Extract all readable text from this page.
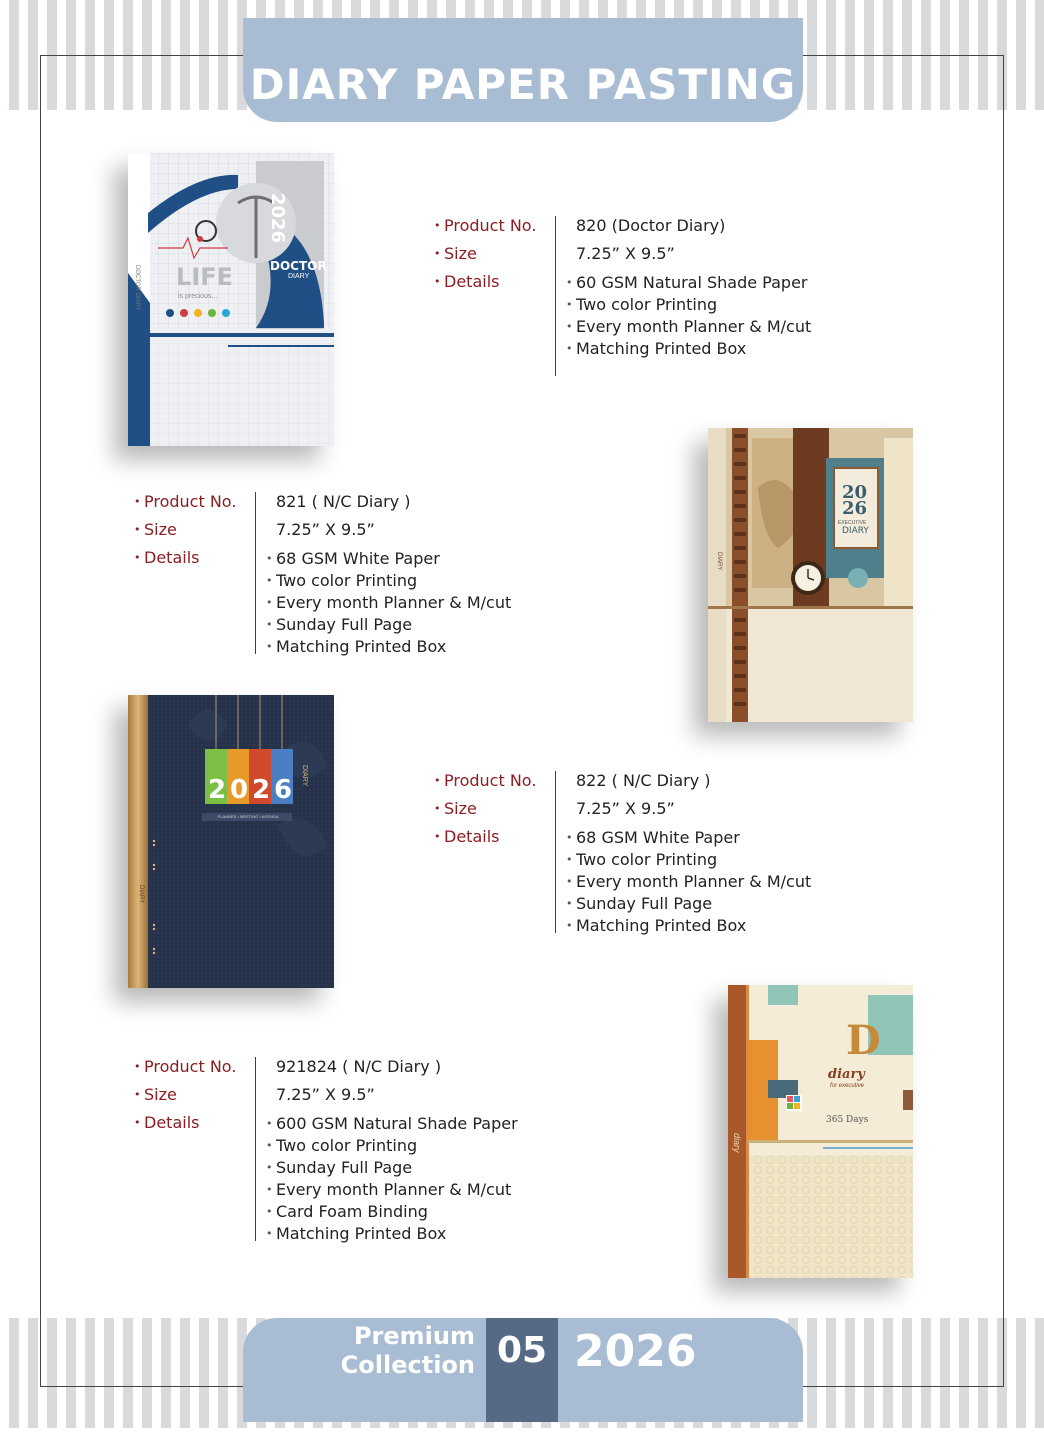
DIARY PAPER PASTING
2026
DOCTOR
DIARY
LIFE
is precious...
DOCTOR DIARY
• Product No.
• Size
• Details
820 (Doctor Diary)
7.25” X 9.5”
• 60 GSM Natural Shade Paper
• Two color Printing
• Every month Planner & M/cut
• Matching Printed Box
20
26
EXECUTIVE
DIARY
DIARY
• Product No.
• Size
• Details
821 ( N/C Diary )
7.25” X 9.5”
• 68 GSM White Paper
• Two color Printing
• Every month Planner & M/cut
• Sunday Full Page
• Matching Printed Box
2 0 2 6 DIARY
PLANNER • MEETING • AGENDA
DIARY
• Product No.
• Size
• Details
822 ( N/C Diary )
7.25” X 9.5”
• 68 GSM White Paper
• Two color Printing
• Every month Planner & M/cut
• Sunday Full Page
• Matching Printed Box
D
diary
for executive
365 Days
diary
• Product No.
• Size
• Details
921824 ( N/C Diary )
7.25” X 9.5”
• 600 GSM Natural Shade Paper
• Two color Printing
• Sunday Full Page
• Every month Planner & M/cut
• Card Foam Binding
• Matching Printed Box
05
Premium
Collection 2026
